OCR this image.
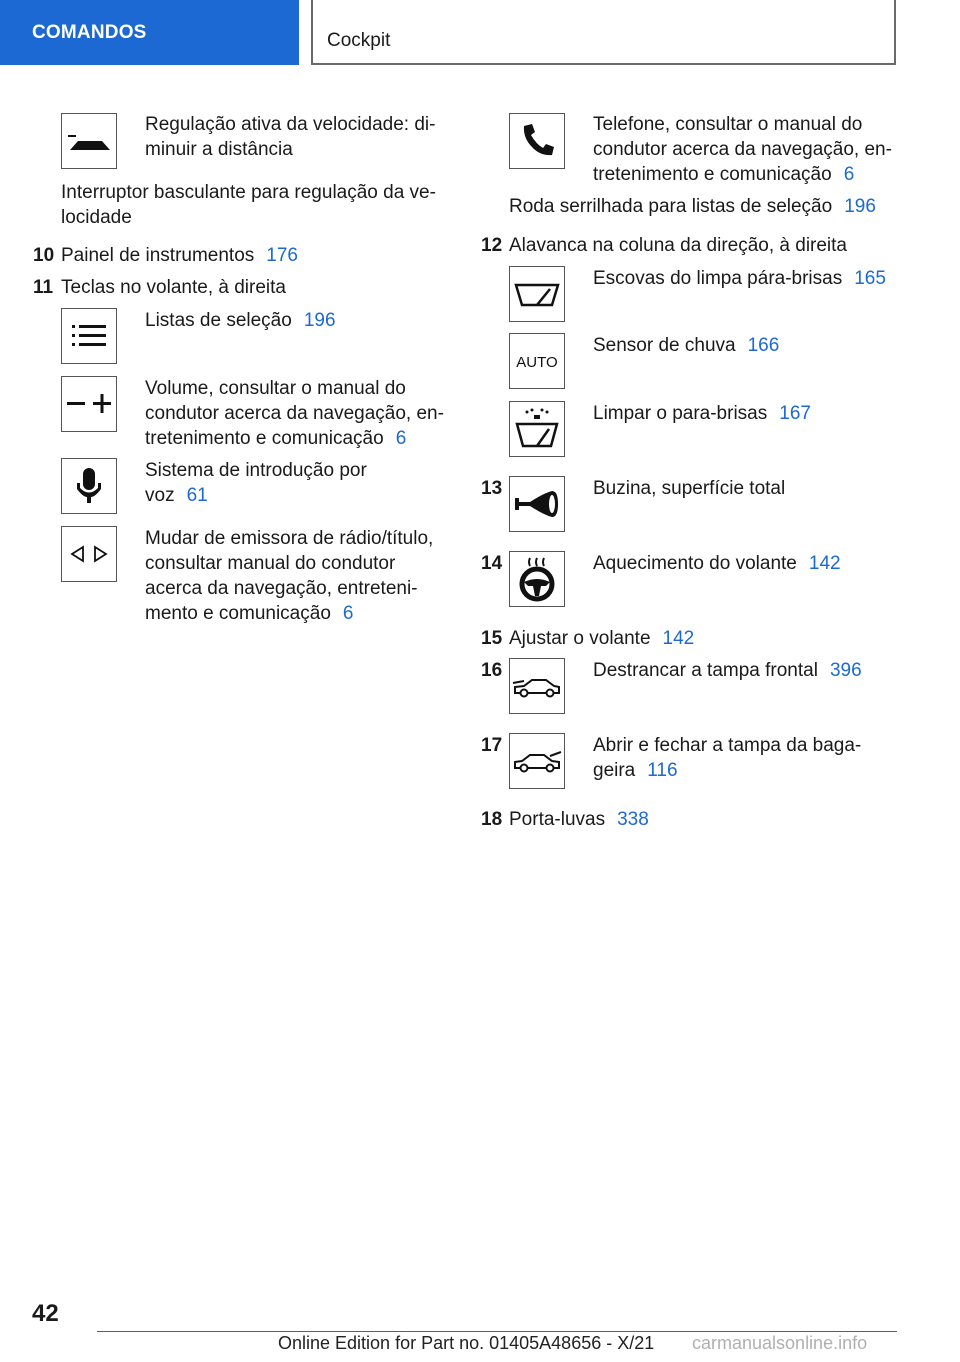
COMANDOS	Cockpit
Regulação ativa da velocidade: di-
minuir a distância
Interruptor basculante para regulação da ve-
locidade
10 Painel de instrumentos 176
11 Teclas no volante, à direita
Listas de seleção 196
Volume, consultar o manual do
condutor acerca da navegação, en-
tretenimento e comunicação 6
Sistema de introdução por
voz 61
Mudar de emissora de rádio/título,
consultar manual do condutor
acerca da navegação, entreteni-
mento e comunicação 6
Telefone, consultar o manual do
condutor acerca da navegação, en-
tretenimento e comunicação 6
Roda serrilhada para listas de seleção 196
12 Alavanca na coluna da direção, à direita
Escovas do limpa pára-brisas 165
AUTO
Sensor de chuva 166
Limpar o para-brisas 167
13	Buzina, superfície total
14	Aquecimento do volante 142
15 Ajustar o volante 142
16	Destrancar a tampa frontal 396
17	Abrir e fechar a tampa da baga-
geira 116
18 Porta-luvas 338
42
Online Edition for Part no. 01405A48656 - X/21 carmanualsonline.info
